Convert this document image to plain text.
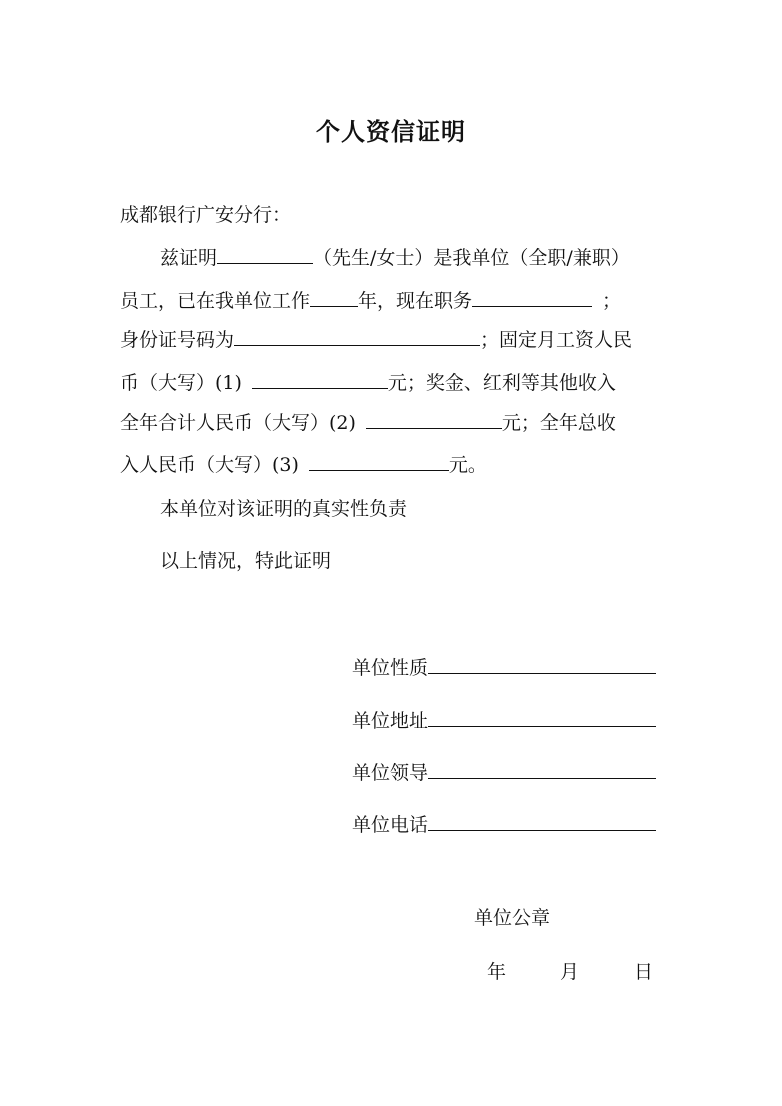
个人资信证明
成都银行广安分行：
兹证明	（先生/女士）是我单位（全职/兼职）
员工，已在我单位工作	年，现在职务	；
身份证号码为	；固定月工资人民
币（大写）(1)	元；奖金、红利等其他收入
全年合计人民币（大写）(2)	元；全年总收
入人民币（大写）(3)	元。
本单位对该证明的真实性负责
以上情况，特此证明
单位性质
单位地址
单位领导
单位电话
单位公章
年	月	日
